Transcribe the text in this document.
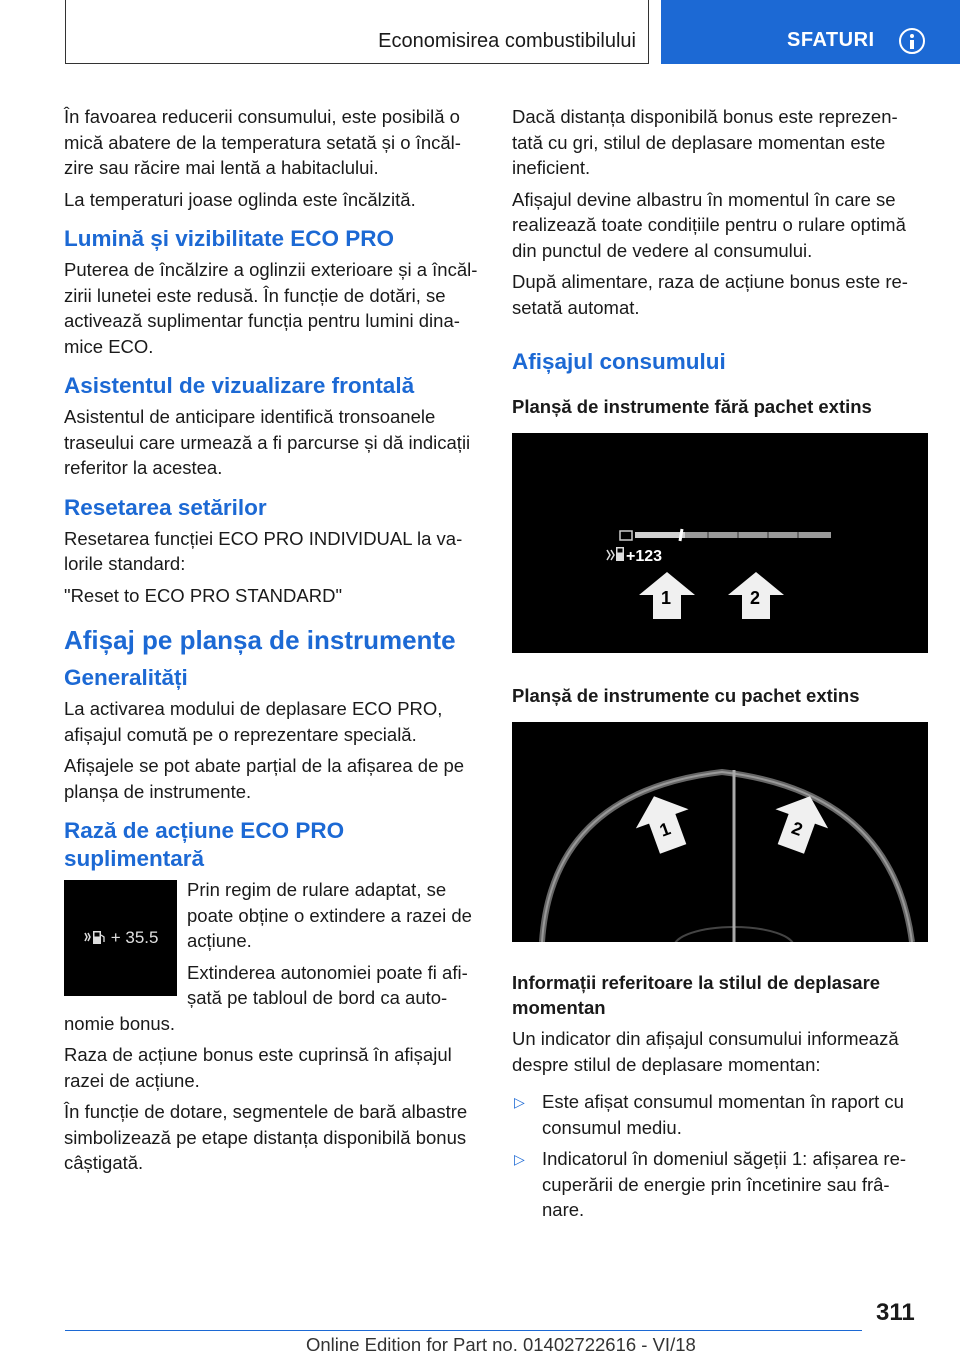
Economisirea combustibilului	SFATURI

În favoarea reducerii consumului, este posibilă o mică abatere de la temperatura setată și o încăl-zire sau răcire mai lentă a habitaclului.

La temperaturi joase oglinda este încălzită.

Lumină și vizibilitate ECO PRO

Puterea de încălzire a oglinzii exterioare și a încăl-zirii lunetei este redusă. În funcție de dotări, se activează suplimentar funcția pentru lumini dina-mice ECO.

Asistentul de vizualizare frontală

Asistentul de anticipare identifică tronsoanele traseului care urmează a fi parcurse și dă indicații referitor la acestea.

Resetarea setărilor

Resetarea funcției ECO PRO INDIVIDUAL la va-lorile standard:

"Reset to ECO PRO STANDARD"

Afișaj pe planșa de instrumente
Generalități

La activarea modului de deplasare ECO PRO, afișajul comută pe o reprezentare specială.

Afișajele se pot abate parțial de la afișarea de pe planșa de instrumente.

Rază de acțiune ECO PRO suplimentară
+ 35.5

Prin regim de rulare adaptat, se poate obține o extindere a razei de acțiune.

Extinderea autonomiei poate fi afi-șată pe tabloul de bord ca auto-nomie bonus.

Raza de acțiune bonus este cuprinsă în afișajul razei de acțiune.

În funcție de dotare, segmentele de bară albastre simbolizează pe etape distanța disponibilă bonus câștigată.

Dacă distanța disponibilă bonus este reprezen-tată cu gri, stilul de deplasare momentan este ineficient.

Afișajul devine albastru în momentul în care se realizează toate condițiile pentru o rulare optimă din punctul de vedere al consumului.

După alimentare, raza de acțiune bonus este re-setată automat.

Afișajul consumului
Planșă de instrumente fără pachet extins
+123
1	2
Planșă de instrumente cu pachet extins
1	2
Informații referitoare la stilul de deplasare momentan

Un indicator din afișajul consumului informează despre stilul de deplasare momentan:

▷ Este afișat consumul momentan în raport cu consumul mediu.
▷ Indicatorul în domeniul săgeții 1: afișarea re-cuperării de energie prin încetinire sau frâ-nare.
311
Online Edition for Part no. 01402722616 - VI/18
